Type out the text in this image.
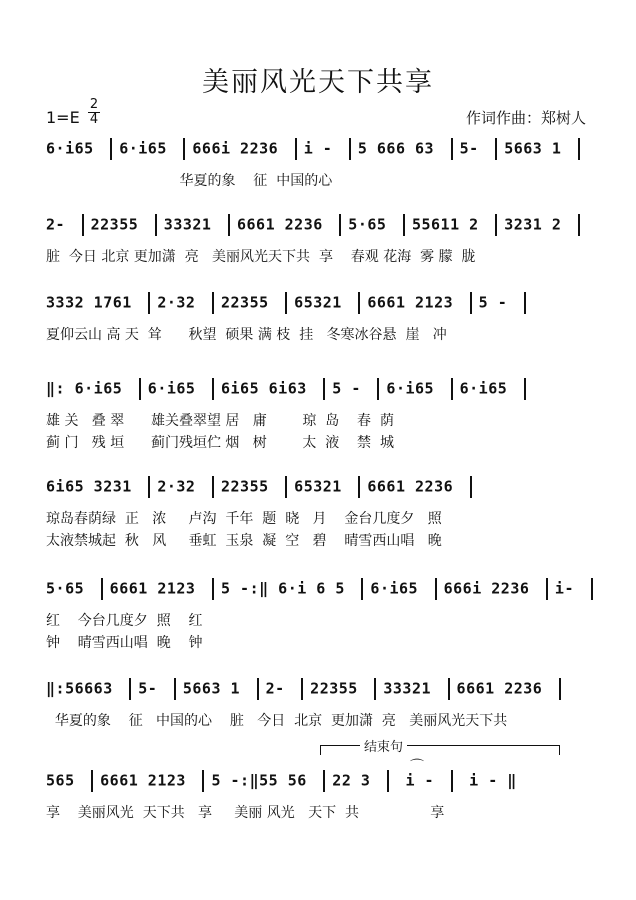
美丽风光天下共享
1=E
2
4	作词作曲：郑树人
6·i65 6·i65 666i 2236 i - 5 666 63 5- 5663 1
华夏的象    征  中国的心
2- 22355 33321 6661 2236 5·65 55611 2 3231 2
脏  今日 北京 更加潇  亮   美丽风光天下共  享    春观 花海  雾 朦  胧
3332 1761 2·32 22355 65321 6661 2123 5 -
夏仰云山 高 天  耸      秋望  硕果 满 枝  挂   冬寒冰谷悬  崖   冲
‖: 6·i65 6·i65 6i65 6i63 5 - 6·i65 6·i65
雄 关   叠 翠      雄关叠翠望 居   庸        琼  岛    春  荫
蓟 门   残 垣      蓟门残垣伫 烟   树        太  液    禁  城
6i65 3231 2·32 22355 65321 6661 2236
琼岛春荫绿  正   浓     卢沟  千年  题  晓   月    金台几度夕   照
太液禁城起  秋   风     垂虹  玉泉  凝  空   碧    晴雪西山唱   晚
5·65 6661 2123 5 -:‖ 6·i 6 5 6·i65 666i 2236 i-
红    今台几度夕  照    红
钟    晴雪西山唱  晚    钟
‖:56663 5- 5663 1 2- 22355 33321 6661 2236
华夏的象    征   中国的心    脏   今日  北京  更加潇  亮   美丽风光天下共
结束句
565 6661 2123 5 -:‖55 56 22 3 i - i - ‖
享    美丽风光  天下共   享     美丽 风光   天下  共                享
⌒
